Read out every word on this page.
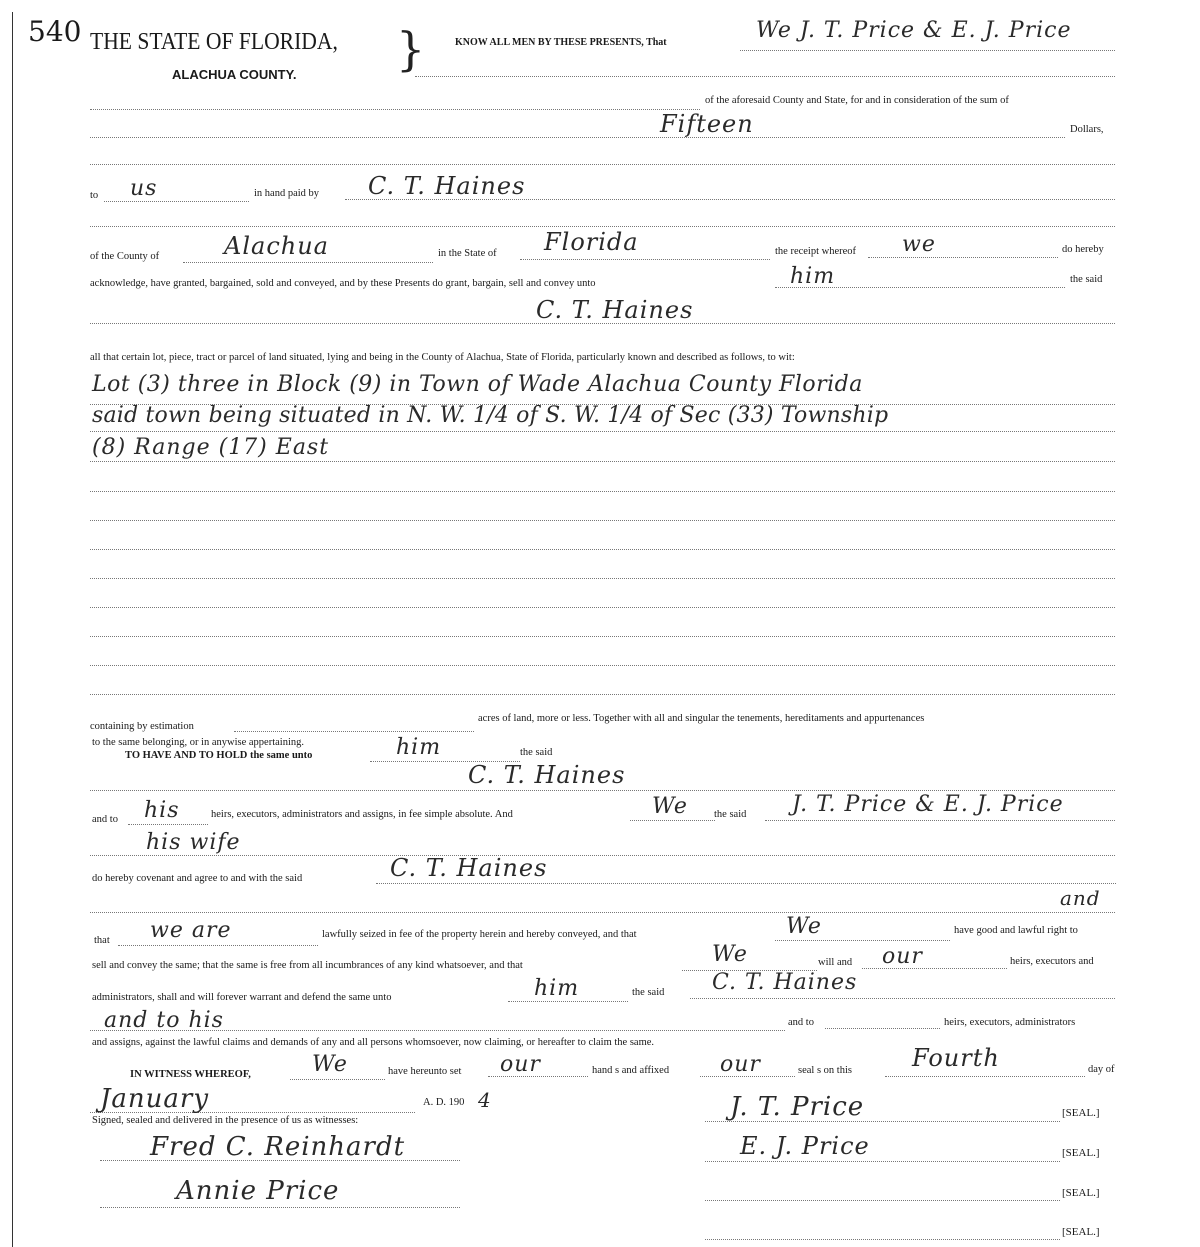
540 THE STATE OF FLORIDA,
ALACHUA COUNTY. }	KNOW ALL MEN BY THESE PRESENTS, That	We J. T. Price & E. J. Price
of the aforesaid County and State, for and in consideration of the sum of
Fifteen	Dollars,
to us	in hand paid by C. T. Haines
of the County of	Alachua	in the State of Florida	the receipt whereof we	do hereby
acknowledge, have granted, bargained, sold and conveyed, and by these Presents do grant, bargain, sell and convey unto	him	the said
C. T. Haines
all that certain lot, piece, tract or parcel of land situated, lying and being in the County of Alachua, State of Florida, particularly known and described as follows, to wit:
Lot (3) three in Block (9) in Town of Wade Alachua County Florida
said town being situated in N. W. 1/4 of S. W. 1/4 of Sec (33) Township
(8) Range (17) East
containing by estimation
acres of land, more or less. Together with all and singular the tenements, hereditaments and appurtenances
to the same belonging, or in anywise appertaining.
TO HAVE AND TO HOLD the same unto	him	the said
C. T. Haines
and to his	heirs, executors, administrators and assigns, in fee simple absolute. And	We the said J. T. Price & E. J. Price
his wife
do hereby covenant and agree to and with the said	C. T. Haines
and
that we are	lawfully seized in fee of the property herein and hereby conveyed, and that	We	have good and lawful right to
sell and convey the same; that the same is free from all incumbrances of any kind whatsoever, and that	We	will and our	heirs, executors and
administrators, shall and will forever warrant and defend the same unto	him	the said C. T. Haines
and to his	and to	heirs, executors, administrators
and assigns, against the lawful claims and demands of any and all persons whomsoever, now claiming, or hereafter to claim the same.
IN WITNESS WHEREOF,	We	have hereunto set our	hand s and affixed our	seal s on this	Fourth	day of
January	A. D. 190 4
Signed, sealed and delivered in the presence of us as witnesses:
Fred C. Reinhardt
Annie Price
J. T. Price	[SEAL.]
E. J. Price	[SEAL.]
[SEAL.]
[SEAL.]
